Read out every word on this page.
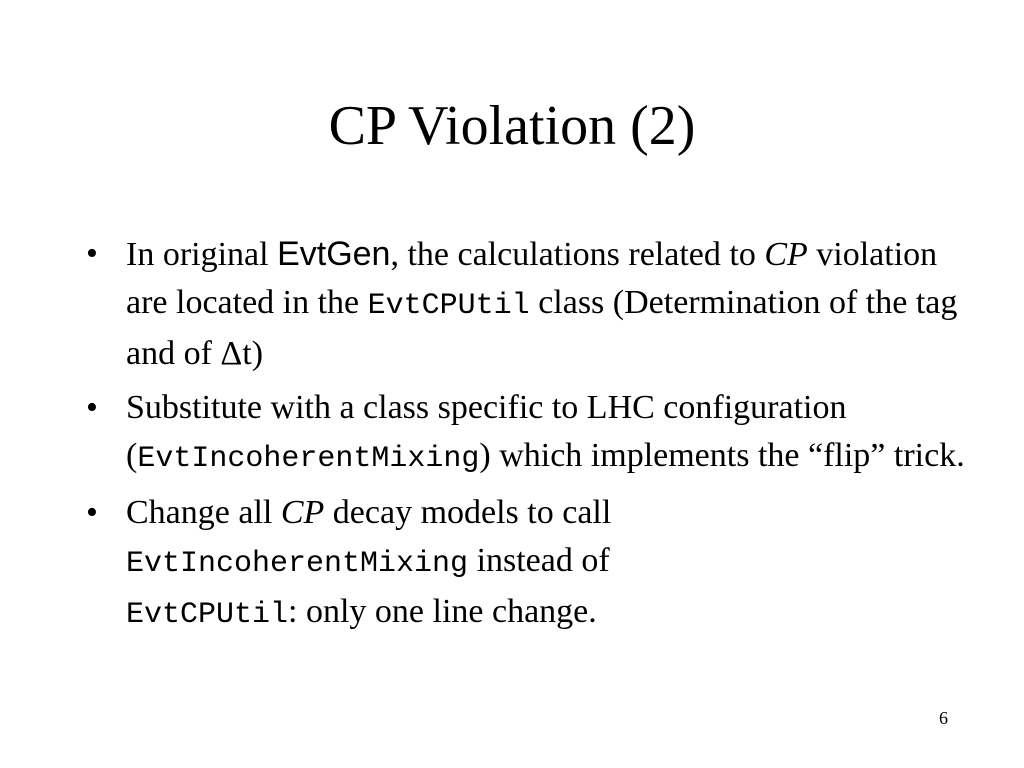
CP Violation (2)
• In original EvtGen, the calculations related to CP violation are located in the EvtCPUtil class (Determination of the tag and of Δt)
• Substitute with a class specific to LHC configuration (EvtIncoherentMixing) which implements the “flip” trick.
• Change all CP decay models to call
EvtIncoherentMixing instead of
EvtCPUtil: only one line change.
6
